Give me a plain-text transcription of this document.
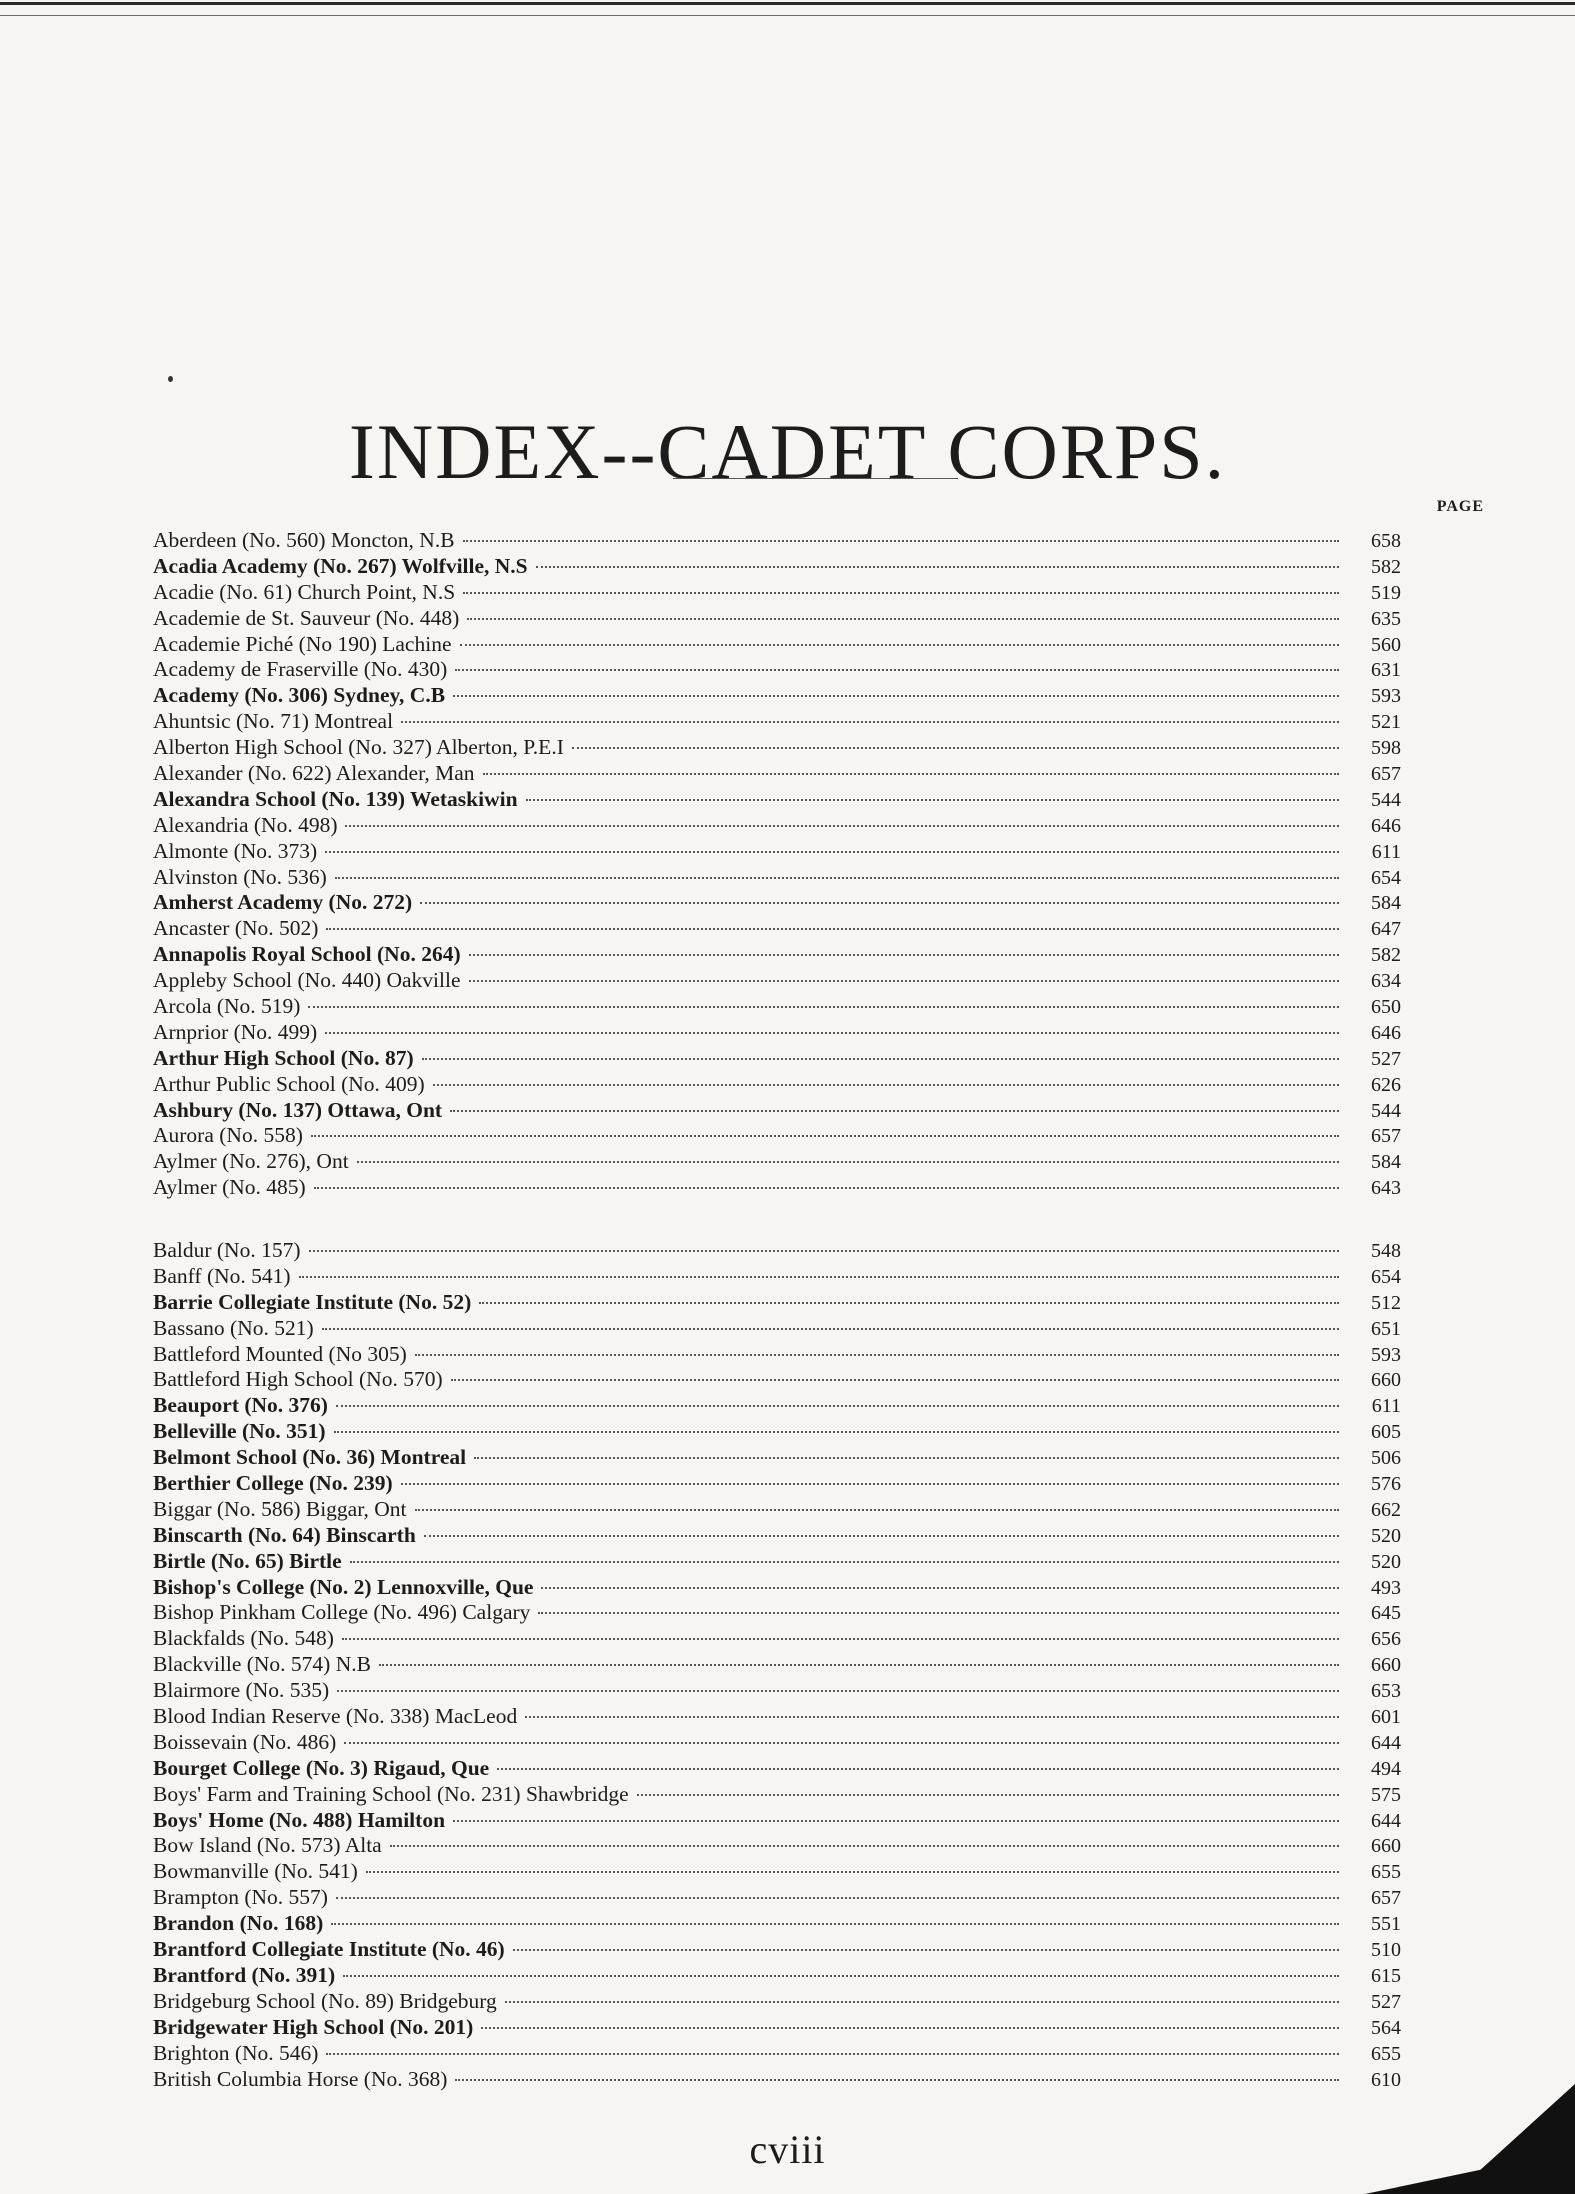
INDEX--CADET CORPS.
PAGE
Aberdeen (No. 560) Moncton, N.B	658
Acadia Academy (No. 267) Wolfville, N.S	582
Acadie (No. 61) Church Point, N.S	519
Academie de St. Sauveur (No. 448)	635
Academie Piché (No 190) Lachine	560
Academy de Fraserville (No. 430)	631
Academy (No. 306) Sydney, C.B	593
Ahuntsic (No. 71) Montreal	521
Alberton High School (No. 327) Alberton, P.E.I	598
Alexander (No. 622) Alexander, Man	657
Alexandra School (No. 139) Wetaskiwin	544
Alexandria (No. 498)	646
Almonte (No. 373)	611
Alvinston (No. 536)	654
Amherst Academy (No. 272)	584
Ancaster (No. 502)	647
Annapolis Royal School (No. 264)	582
Appleby School (No. 440) Oakville	634
Arcola (No. 519)	650
Arnprior (No. 499)	646
Arthur High School (No. 87)	527
Arthur Public School (No. 409)	626
Ashbury (No. 137) Ottawa, Ont	544
Aurora (No. 558)	657
Aylmer (No. 276), Ont	584
Aylmer (No. 485)	643
Baldur (No. 157)	548
Banff (No. 541)	654
Barrie Collegiate Institute (No. 52)	512
Bassano (No. 521)	651
Battleford Mounted (No 305)	593
Battleford High School (No. 570)	660
Beauport (No. 376)	611
Belleville (No. 351)	605
Belmont School (No. 36) Montreal	506
Berthier College (No. 239)	576
Biggar (No. 586) Biggar, Ont	662
Binscarth (No. 64) Binscarth	520
Birtle (No. 65) Birtle	520
Bishop's College (No. 2) Lennoxville, Que	493
Bishop Pinkham College (No. 496) Calgary	645
Blackfalds (No. 548)	656
Blackville (No. 574) N.B	660
Blairmore (No. 535)	653
Blood Indian Reserve (No. 338) MacLeod	601
Boissevain (No. 486)	644
Bourget College (No. 3) Rigaud, Que	494
Boys' Farm and Training School (No. 231) Shawbridge	575
Boys' Home (No. 488) Hamilton	644
Bow Island (No. 573) Alta	660
Bowmanville (No. 541)	655
Brampton (No. 557)	657
Brandon (No. 168)	551
Brantford Collegiate Institute (No. 46)	510
Brantford (No. 391)	615
Bridgeburg School (No. 89) Bridgeburg	527
Bridgewater High School (No. 201)	564
Brighton (No. 546)	655
British Columbia Horse (No. 368)	610
cviii
